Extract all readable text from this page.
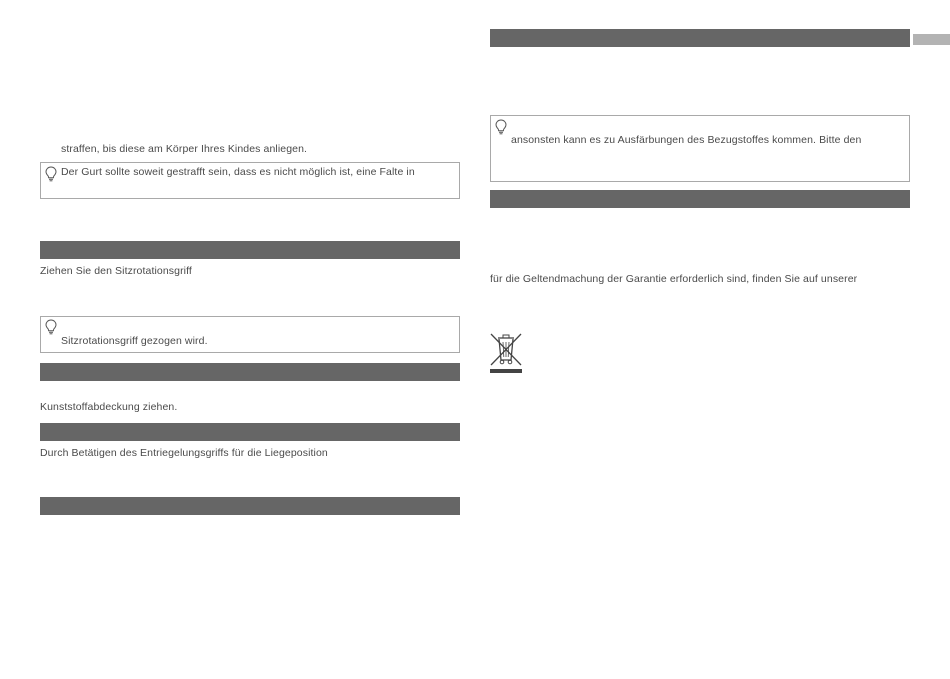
straffen, bis diese am Körper Ihres Kindes anliegen.
Der Gurt sollte soweit gestrafft sein, dass es nicht möglich ist, eine Falte in
Ziehen Sie den Sitzrotationsgriff
Sitzrotationsgriff gezogen wird.
Kunststoffabdeckung ziehen.
Durch Betätigen des Entriegelungsgriffs für die Liegeposition
ansonsten kann es zu Ausfärbungen des Bezugstoffes kommen. Bitte den
für die Geltendmachung der Garantie erforderlich sind, finden Sie auf unserer
